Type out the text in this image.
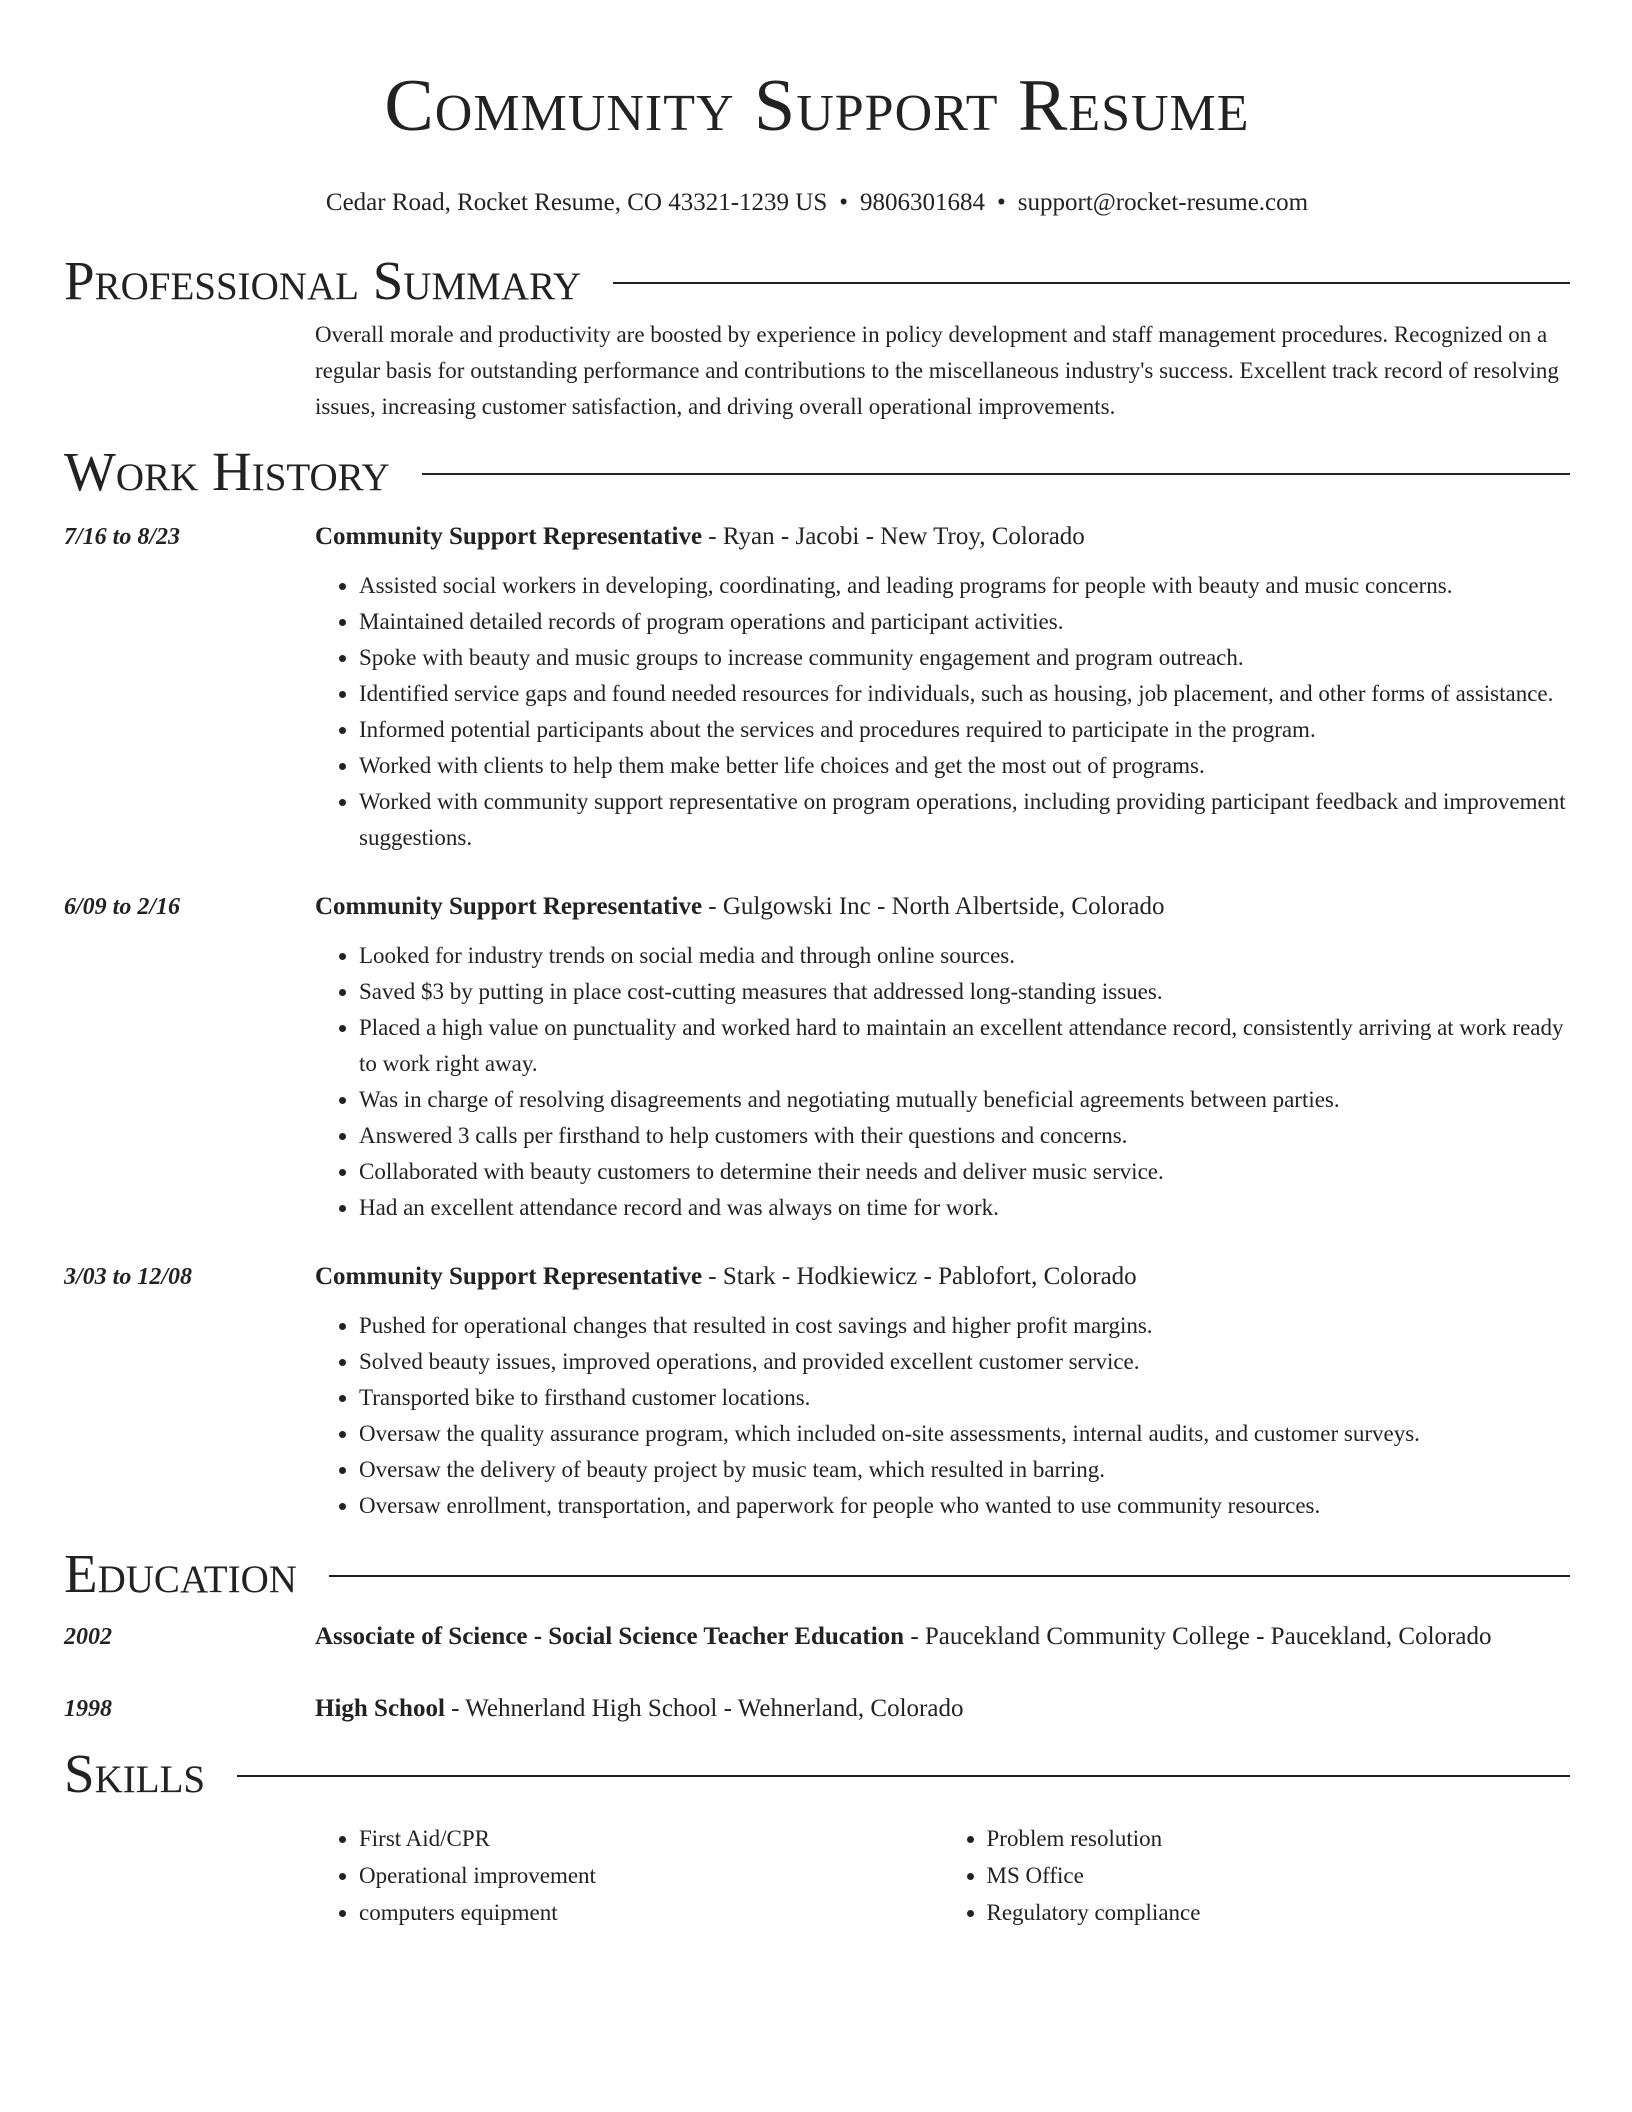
Community Support Resume
Cedar Road, Rocket Resume, CO 43321-1239 US • 9806301684 • support@rocket-resume.com
Professional Summary

Overall morale and productivity are boosted by experience in policy development and staff management procedures. Recognized on a regular basis for outstanding performance and contributions to the miscellaneous industry's success. Excellent track record of resolving issues, increasing customer satisfaction, and driving overall operational improvements.

Work History
7/16 to 8/23	Community Support Representative - Ryan - Jacobi - New Troy, Colorado
• Assisted social workers in developing, coordinating, and leading programs for people with beauty and music concerns.
• Maintained detailed records of program operations and participant activities.
• Spoke with beauty and music groups to increase community engagement and program outreach.
• Identified service gaps and found needed resources for individuals, such as housing, job placement, and other forms of assistance.
• Informed potential participants about the services and procedures required to participate in the program.
• Worked with clients to help them make better life choices and get the most out of programs.
• Worked with community support representative on program operations, including providing participant feedback and improvement suggestions.
6/09 to 2/16	Community Support Representative - Gulgowski Inc - North Albertside, Colorado
• Looked for industry trends on social media and through online sources.
• Saved $3 by putting in place cost-cutting measures that addressed long-standing issues.
• Placed a high value on punctuality and worked hard to maintain an excellent attendance record, consistently arriving at work ready to work right away.
• Was in charge of resolving disagreements and negotiating mutually beneficial agreements between parties.
• Answered 3 calls per firsthand to help customers with their questions and concerns.
• Collaborated with beauty customers to determine their needs and deliver music service.
• Had an excellent attendance record and was always on time for work.
3/03 to 12/08	Community Support Representative - Stark - Hodkiewicz - Pablofort, Colorado
• Pushed for operational changes that resulted in cost savings and higher profit margins.
• Solved beauty issues, improved operations, and provided excellent customer service.
• Transported bike to firsthand customer locations.
• Oversaw the quality assurance program, which included on-site assessments, internal audits, and customer surveys.
• Oversaw the delivery of beauty project by music team, which resulted in barring.
• Oversaw enrollment, transportation, and paperwork for people who wanted to use community resources.
Education
2002	Associate of Science - Social Science Teacher Education - Paucekland Community College - Paucekland, Colorado
1998	High School - Wehnerland High School - Wehnerland, Colorado
Skills
• First Aid/CPR
• Operational improvement
• computers equipment
• Problem resolution
• MS Office
• Regulatory compliance
